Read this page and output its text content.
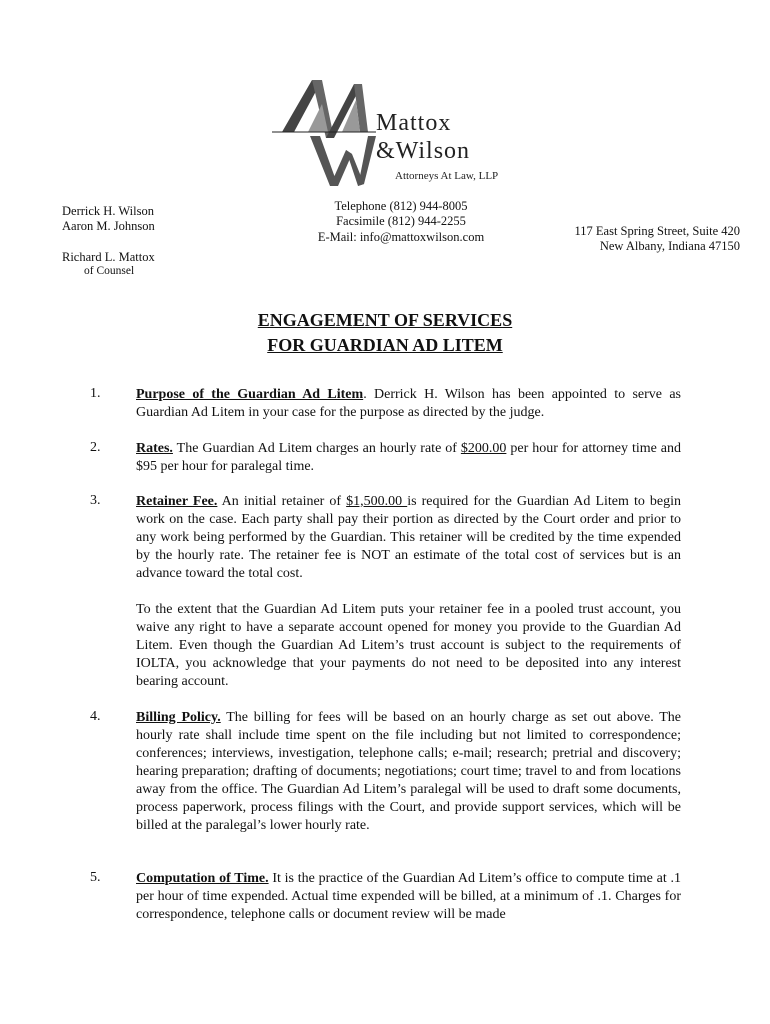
Mattox
&Wilson
Attorneys At Law, LLP
Derrick H. Wilson
Aaron M. Johnson
Richard L. Mattox
of Counsel
Telephone (812) 944-8005
Facsimile (812) 944-2255
E-Mail: info@mattoxwilson.com	117 East Spring Street, Suite 420
New Albany, Indiana 47150
ENGAGEMENT OF SERVICES
FOR GUARDIAN AD LITEM
1.	Purpose of the Guardian Ad Litem. Derrick H. Wilson has been appointed to serve as Guardian Ad Litem in your case for the purpose as directed by the judge.

2.	Rates. The Guardian Ad Litem charges an hourly rate of $200.00 per hour for attorney time and $95 per hour for paralegal time.

3.	Retainer Fee. An initial retainer of $1,500.00 is required for the Guardian Ad Litem to begin work on the case. Each party shall pay their portion as directed by the Court order and prior to any work being performed by the Guardian. This retainer will be credited by the time expended by the hourly rate. The retainer fee is NOT an estimate of the total cost of services but is an advance toward the total cost.

To the extent that the Guardian Ad Litem puts your retainer fee in a pooled trust account, you waive any right to have a separate account opened for money you provide to the Guardian Ad Litem. Even though the Guardian Ad Litem’s trust account is subject to the requirements of IOLTA, you acknowledge that your payments do not need to be deposited into any interest bearing account.

4.	Billing Policy. The billing for fees will be based on an hourly charge as set out above. The hourly rate shall include time spent on the file including but not limited to correspondence; conferences; interviews, investigation, telephone calls; e-mail; research; pretrial and discovery; hearing preparation; drafting of documents; negotiations; court time; travel to and from locations away from the office. The Guardian Ad Litem’s paralegal will be used to draft some documents, process paperwork, process filings with the Court, and provide support services, which will be billed at the paralegal’s lower hourly rate.

5.	Computation of Time. It is the practice of the Guardian Ad Litem’s office to compute time at .1 per hour of time expended. Actual time expended will be billed, at a minimum of .1. Charges for correspondence, telephone calls or document review will be made
